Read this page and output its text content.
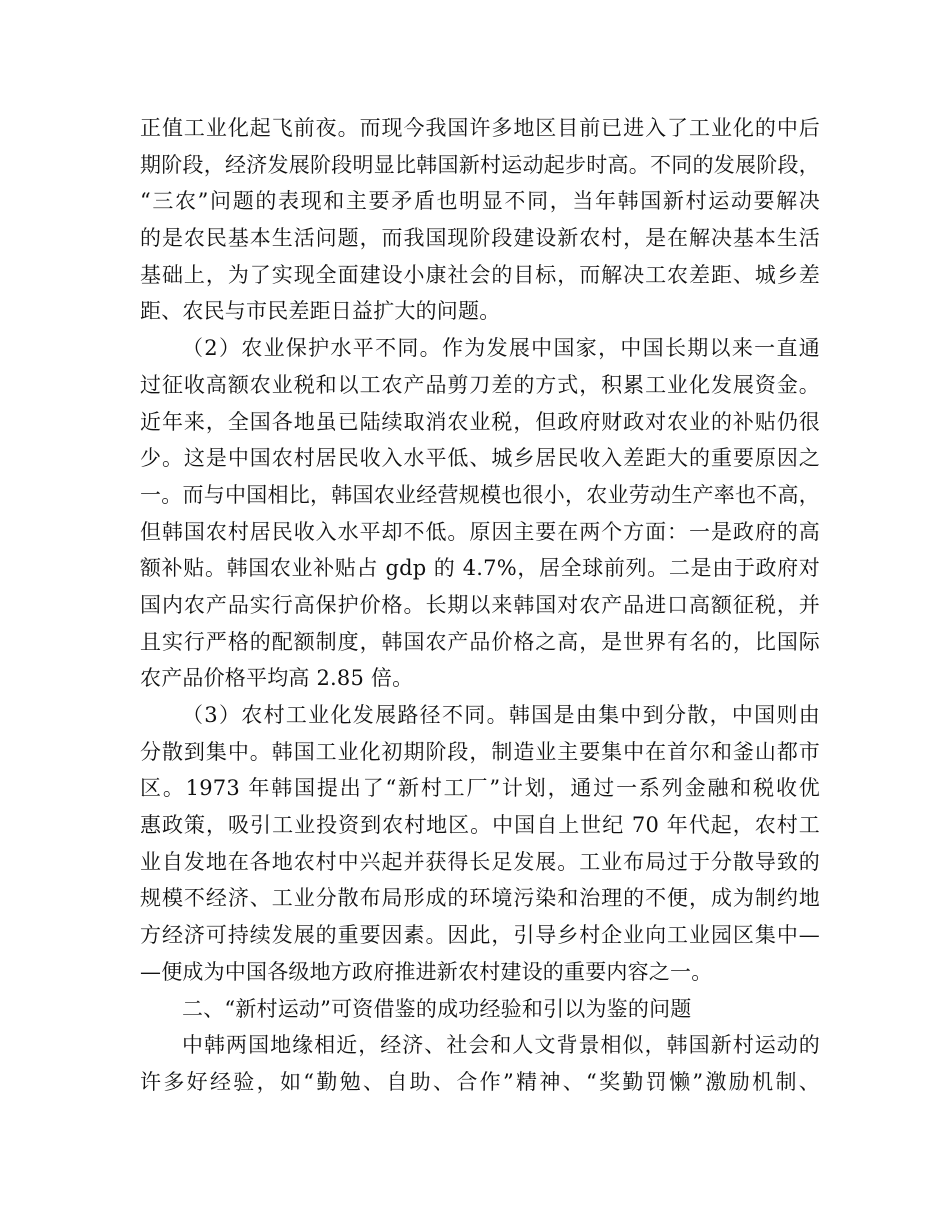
正值工业化起飞前夜。而现今我国许多地区目前已进入了工业化的中后
期阶段，经济发展阶段明显比韩国新村运动起步时高。不同的发展阶段，
“三农”问题的表现和主要矛盾也明显不同，当年韩国新村运动要解决
的是农民基本生活问题，而我国现阶段建设新农村，是在解决基本生活
基础上，为了实现全面建设小康社会的目标，而解决工农差距、城乡差
距、农民与市民差距日益扩大的问题。
（2）农业保护水平不同。作为发展中国家，中国长期以来一直通
过征收高额农业税和以工农产品剪刀差的方式，积累工业化发展资金。
近年来，全国各地虽已陆续取消农业税，但政府财政对农业的补贴仍很
少。这是中国农村居民收入水平低、城乡居民收入差距大的重要原因之
一。而与中国相比，韩国农业经营规模也很小，农业劳动生产率也不高，
但韩国农村居民收入水平却不低。原因主要在两个方面：一是政府的高
额补贴。韩国农业补贴占 gdp 的 4.7%，居全球前列。二是由于政府对
国内农产品实行高保护价格。长期以来韩国对农产品进口高额征税，并
且实行严格的配额制度，韩国农产品价格之高，是世界有名的，比国际
农产品价格平均高 2.85 倍。
（3）农村工业化发展路径不同。韩国是由集中到分散，中国则由
分散到集中。韩国工业化初期阶段，制造业主要集中在首尔和釜山都市
区。1973 年韩国提出了“新村工厂”计划，通过一系列金融和税收优
惠政策，吸引工业投资到农村地区。中国自上世纪 70 年代起，农村工
业自发地在各地农村中兴起并获得长足发展。工业布局过于分散导致的
规模不经济、工业分散布局形成的环境污染和治理的不便，成为制约地
方经济可持续发展的重要因素。因此，引导乡村企业向工业园区集中—
—便成为中国各级地方政府推进新农村建设的重要内容之一。
二、“新村运动”可资借鉴的成功经验和引以为鉴的问题
中韩两国地缘相近，经济、社会和人文背景相似，韩国新村运动的
许多好经验，如“勤勉、自助、合作”精神、“奖勤罚懒”激励机制、
